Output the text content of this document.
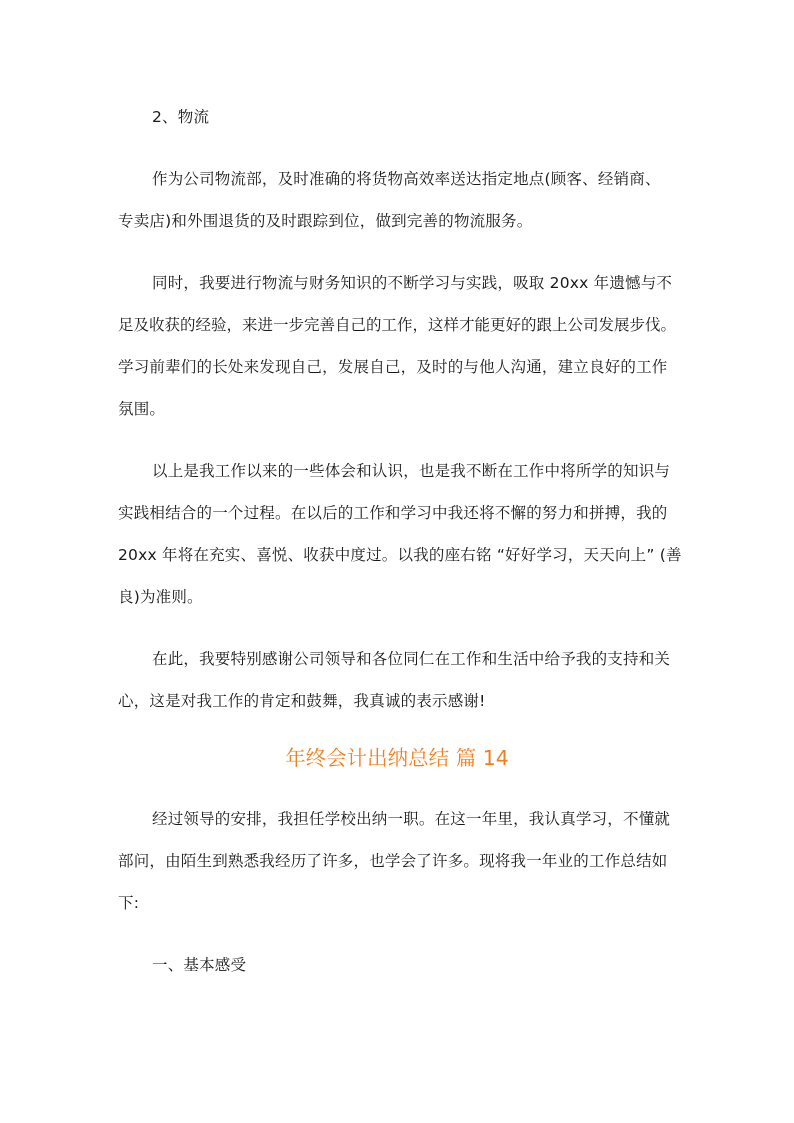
2、物流
作为公司物流部，及时准确的将货物高效率送达指定地点(顾客、经销商、
专卖店)和外围退货的及时跟踪到位，做到完善的物流服务。
同时，我要进行物流与财务知识的不断学习与实践，吸取 20xx 年遗憾与不
足及收获的经验，来进一步完善自己的工作，这样才能更好的跟上公司发展步伐。
学习前辈们的长处来发现自己，发展自己，及时的与他人沟通，建立良好的工作
氛围。
以上是我工作以来的一些体会和认识，也是我不断在工作中将所学的知识与
实践相结合的一个过程。在以后的工作和学习中我还将不懈的努力和拼搏，我的
20xx 年将在充实、喜悦、收获中度过。以我的座右铭 “好好学习，天天向上” (善
良)为准则。
在此，我要特别感谢公司领导和各位同仁在工作和生活中给予我的支持和关
心，这是对我工作的肯定和鼓舞，我真诚的表示感谢!
年终会计出纳总结 篇 14
经过领导的安排，我担任学校出纳一职。在这一年里，我认真学习，不懂就
部问，由陌生到熟悉我经历了许多，也学会了许多。现将我一年业的工作总结如
下:
一、基本感受
